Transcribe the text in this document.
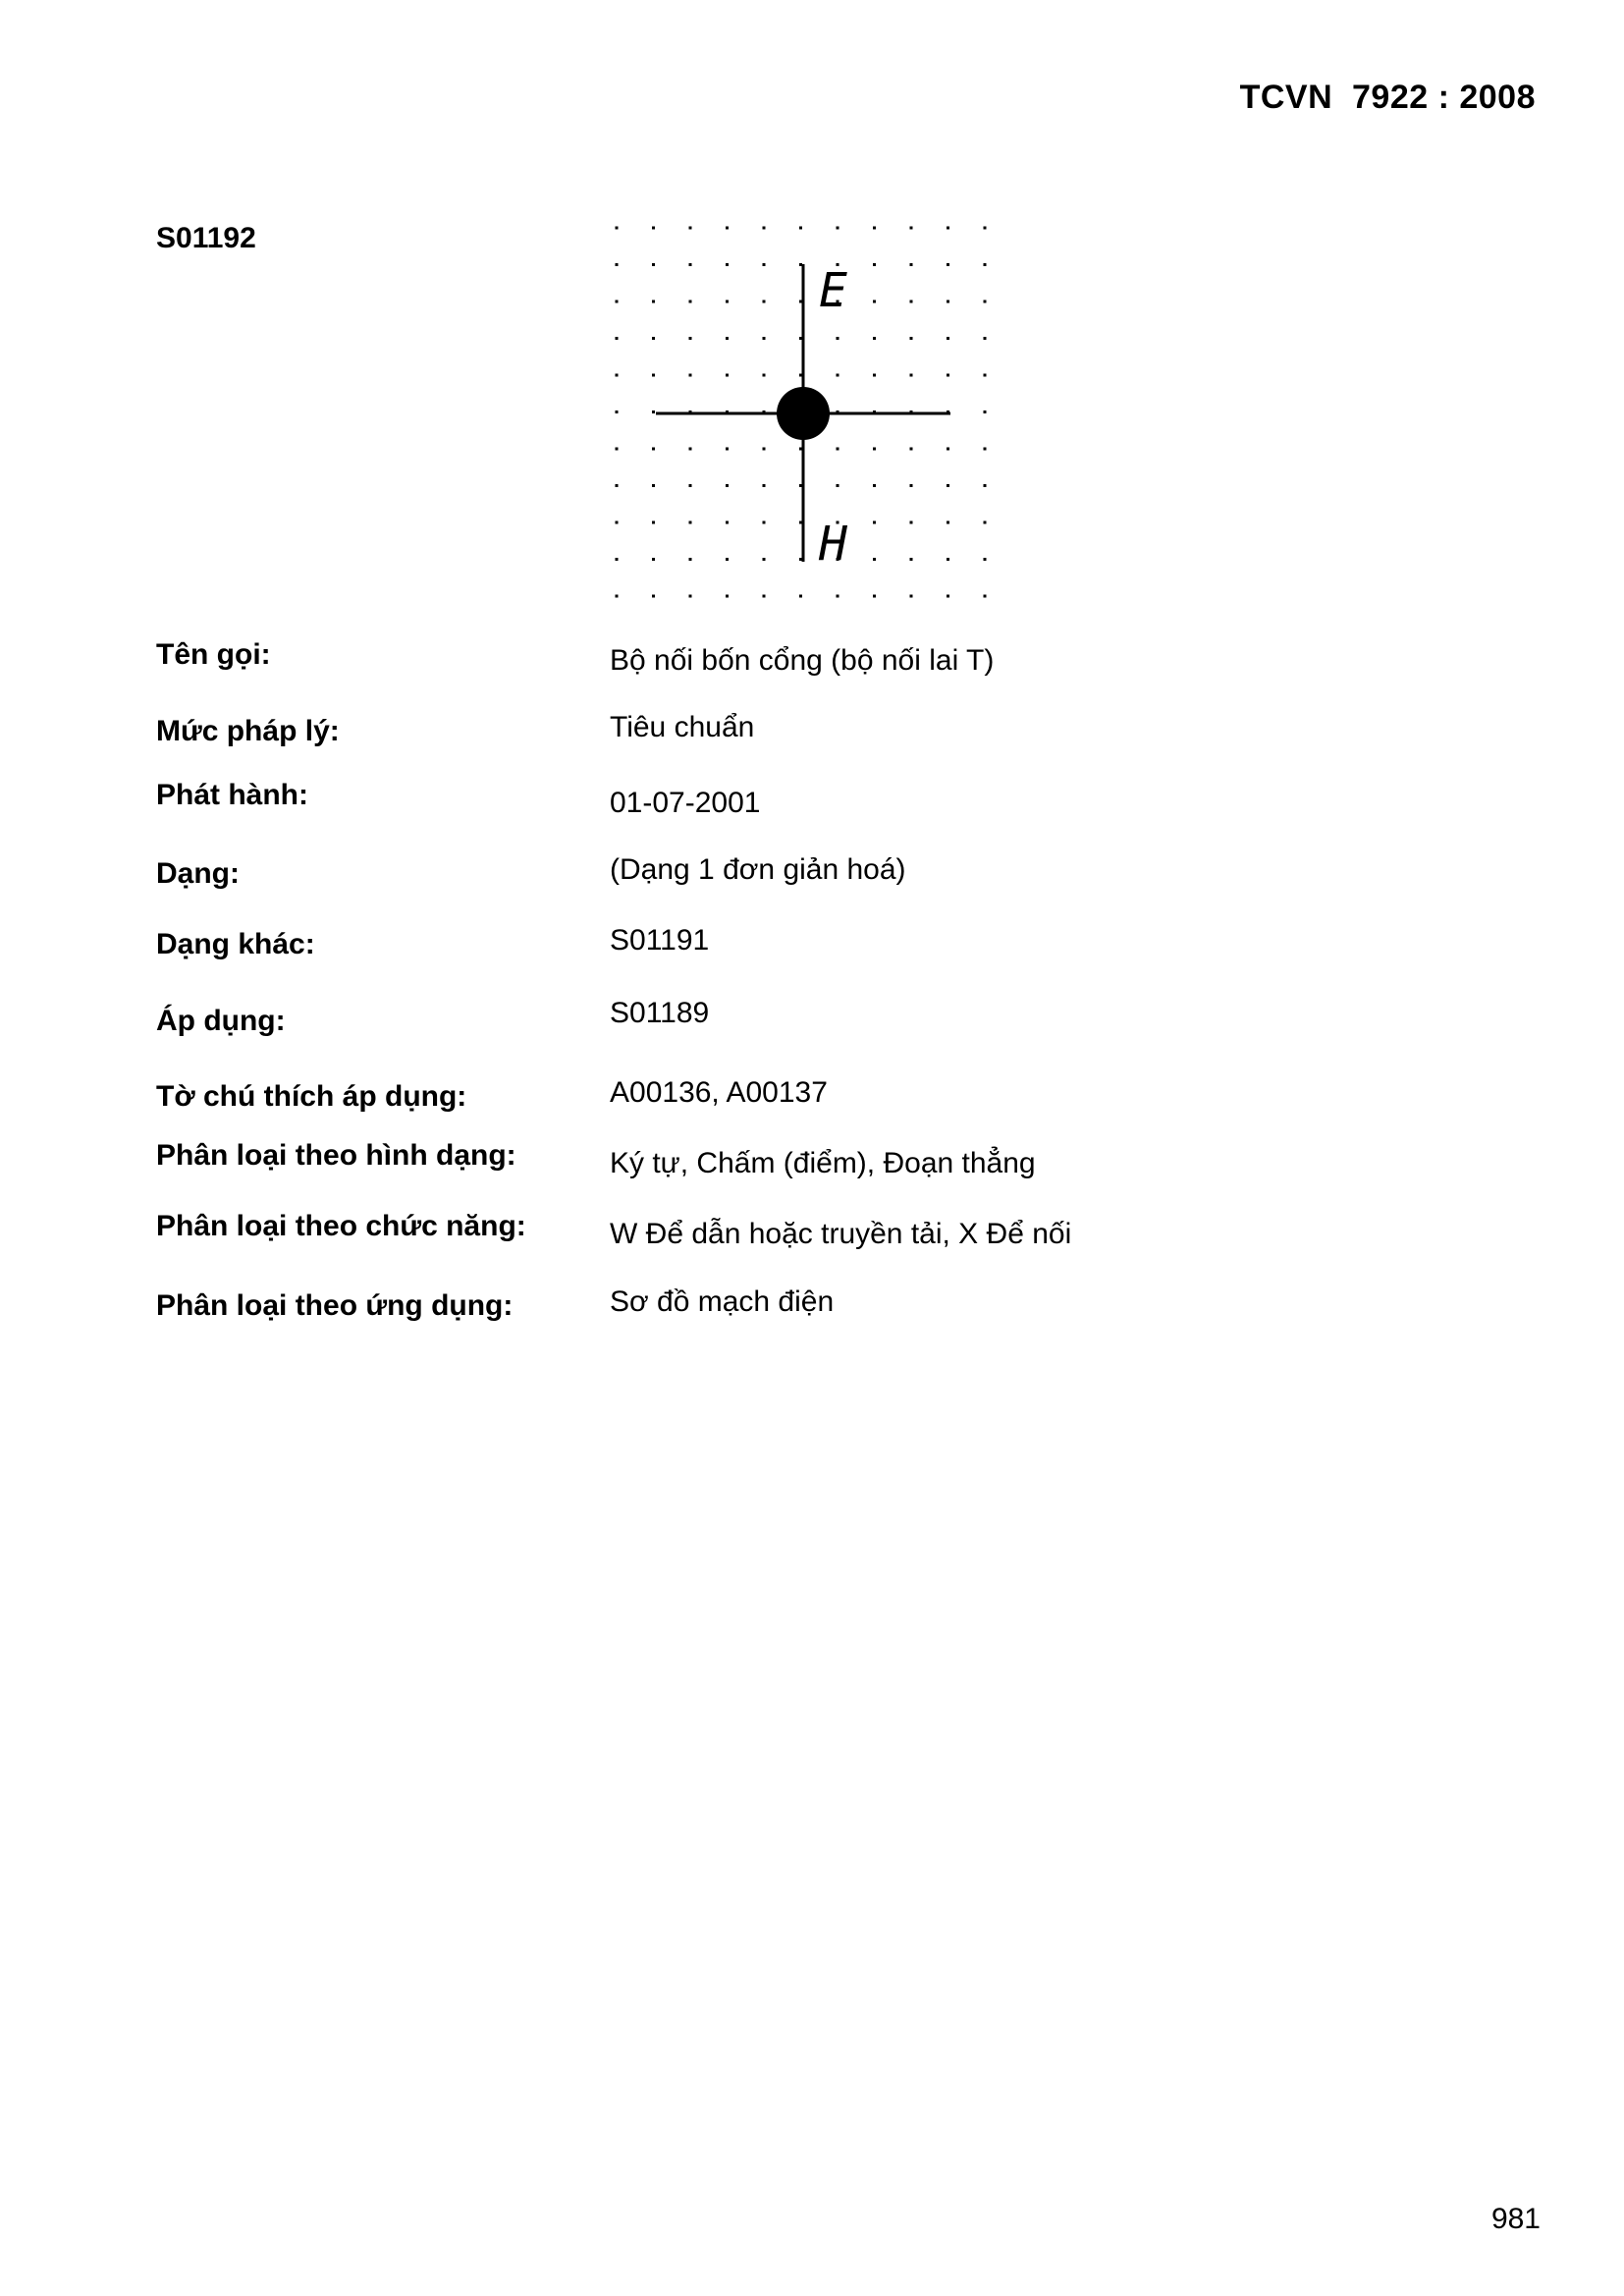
TCVN  7922 : 2008
S01192
E
H
Tên gọi:	Bộ nối bốn cổng (bộ nối lai T)
Mức pháp lý:	Tiêu chuẩn
Phát hành:	01-07-2001
Dạng:	(Dạng 1 đơn giản hoá)
Dạng khác:	S01191
Áp dụng:	S01189
Tờ chú thích áp dụng:	A00136, A00137
Phân loại theo hình dạng:	Ký tự, Chấm (điểm), Đoạn thẳng
Phân loại theo chức năng:	W Để dẫn hoặc truyền tải, X Để nối
Phân loại theo ứng dụng:	Sơ đồ mạch điện
981
